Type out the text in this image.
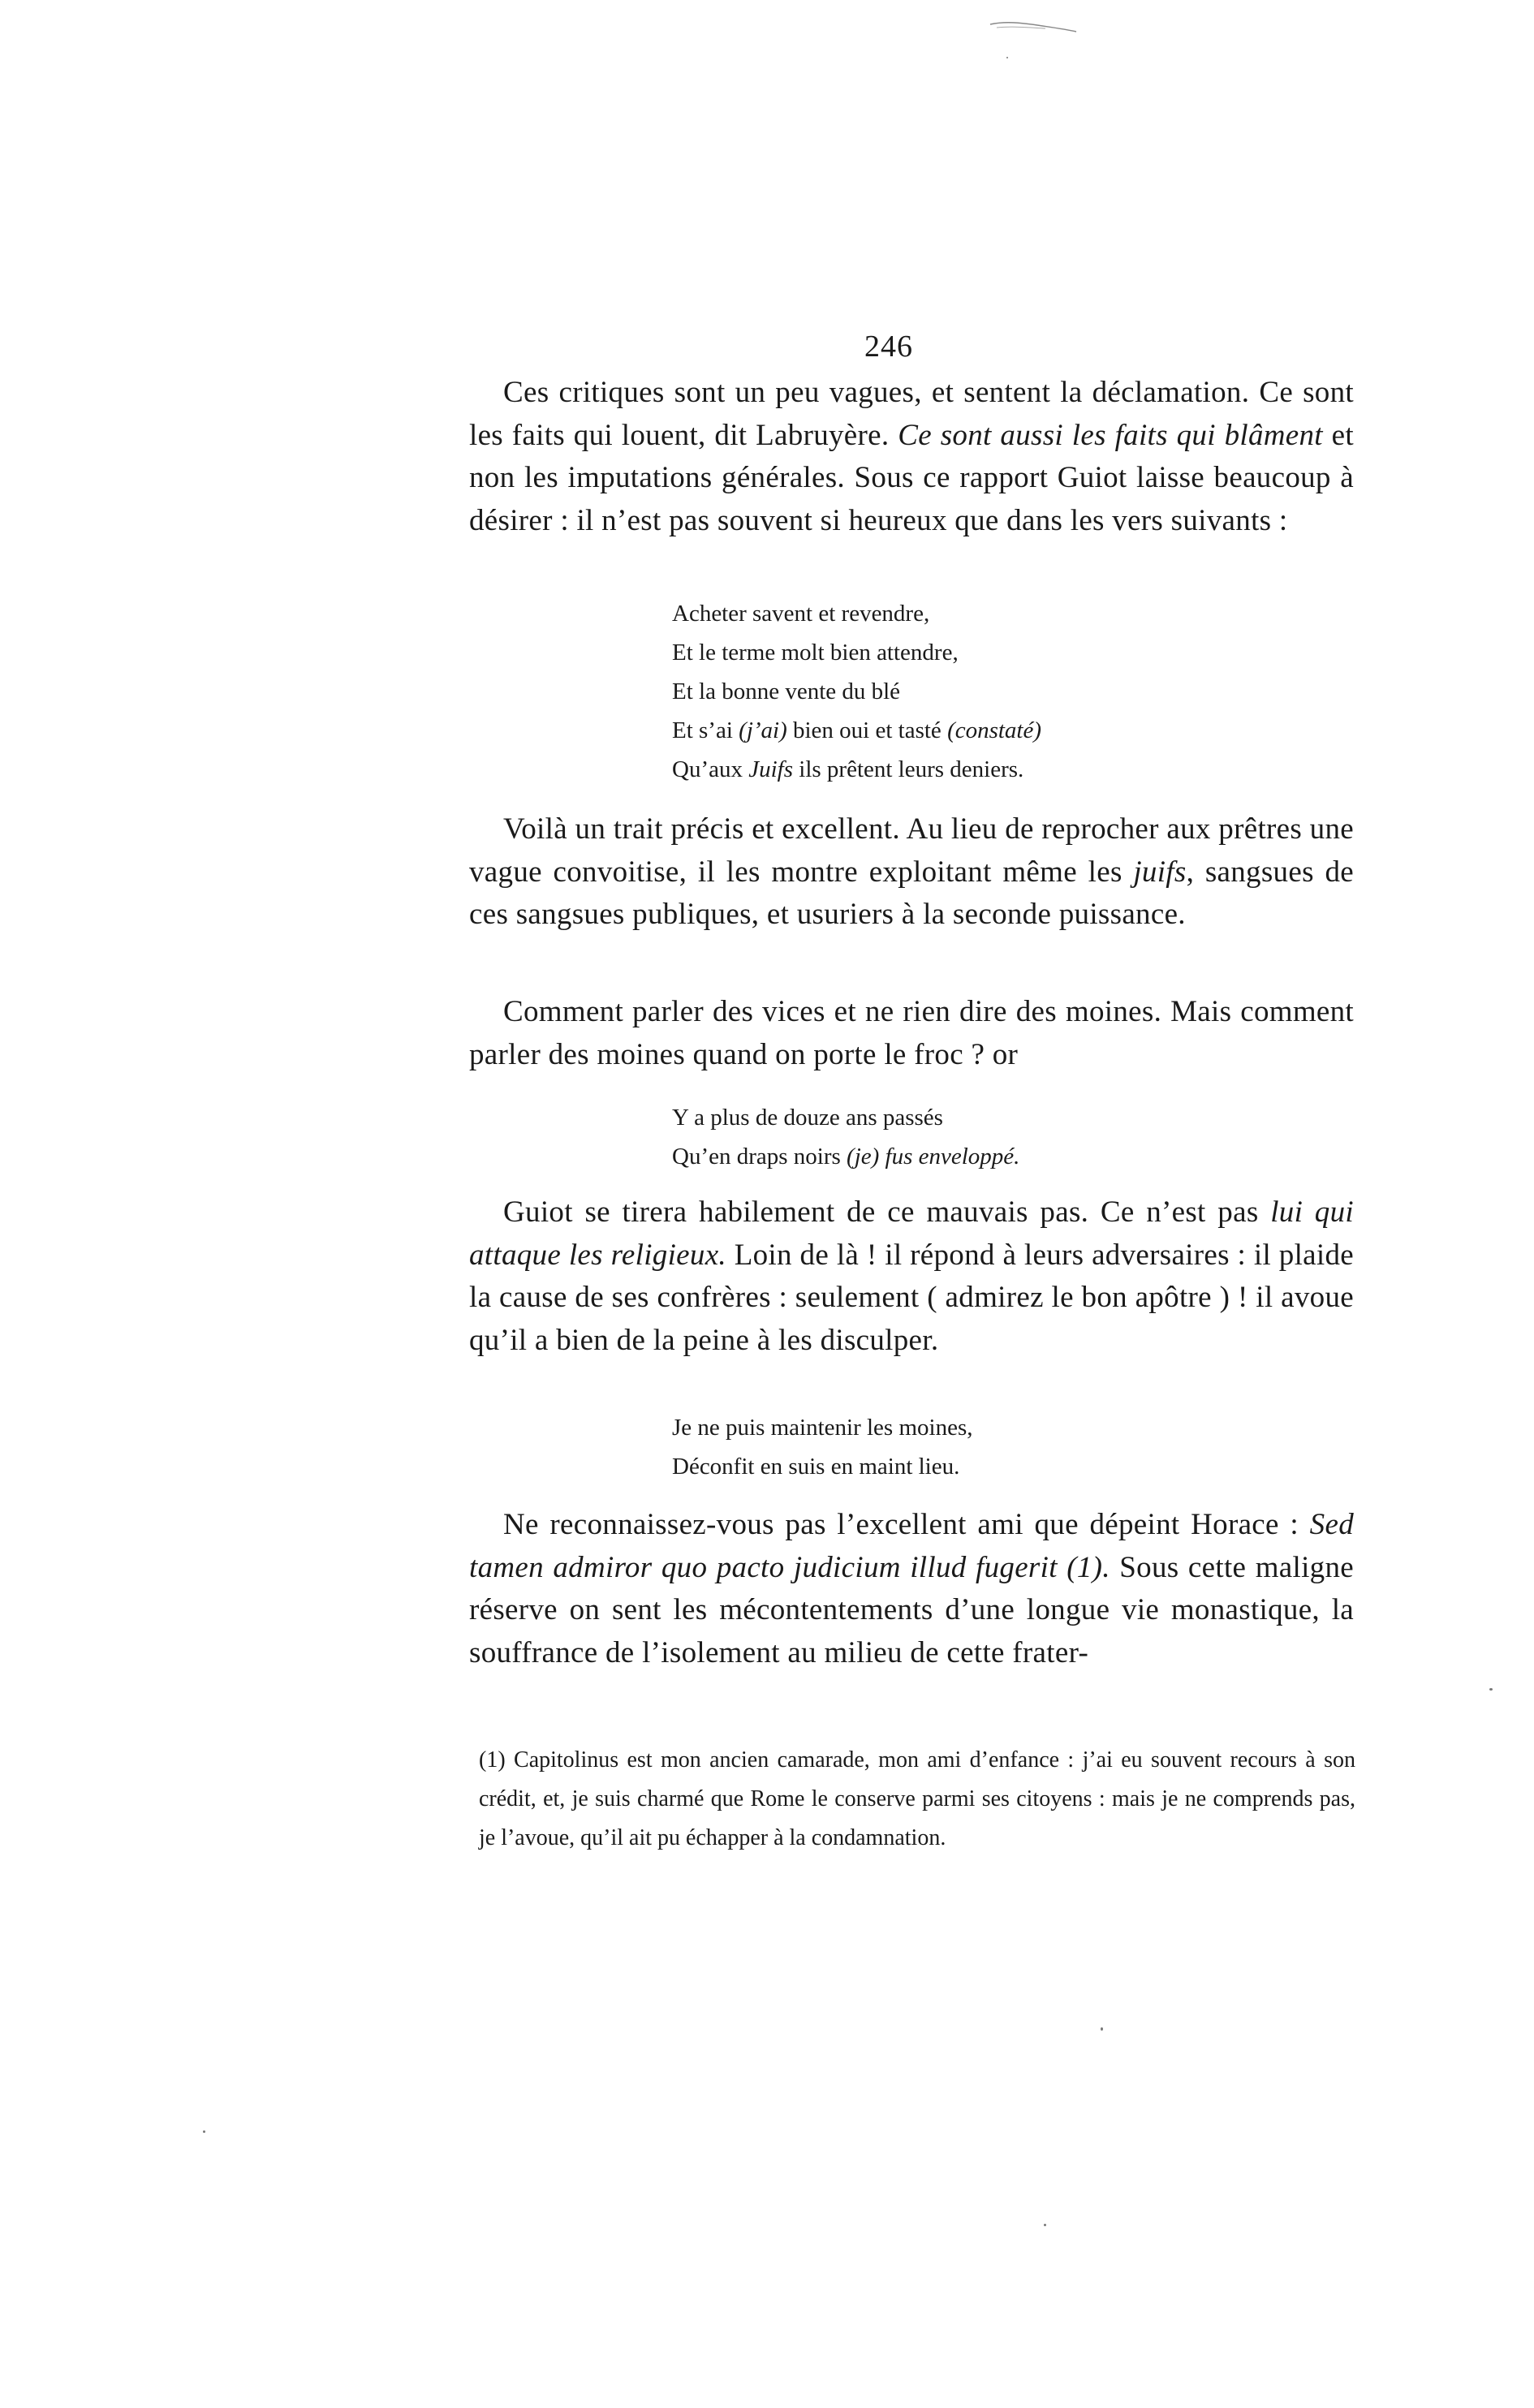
246

Ces critiques sont un peu vagues, et sentent la déclamation. Ce sont les faits qui louent, dit Labruyère. Ce sont aussi les faits qui blâment et non les imputations générales. Sous ce rapport Guiot laisse beaucoup à désirer : il n’est pas souvent si heureux que dans les vers suivants :

Acheter savent et revendre,
Et le terme molt bien attendre,
Et la bonne vente du blé
Et s’ai (j’ai) bien oui et tasté (constaté)
Qu’aux Juifs ils prêtent leurs deniers.

Voilà un trait précis et excellent. Au lieu de reprocher aux prêtres une vague convoitise, il les montre exploitant même les juifs, sangsues de ces sangsues publiques, et usuriers à la seconde puissance.

Comment parler des vices et ne rien dire des moines. Mais comment parler des moines quand on porte le froc ? or

Y a plus de douze ans passés
Qu’en draps noirs (je) fus enveloppé.

Guiot se tirera habilement de ce mauvais pas. Ce n’est pas lui qui attaque les religieux. Loin de là ! il répond à leurs adversaires : il plaide la cause de ses confrères : seulement ( admirez le bon apôtre ) ! il avoue qu’il a bien de la peine à les disculper.

Je ne puis maintenir les moines,
Déconfit en suis en maint lieu.

Ne reconnaissez-vous pas l’excellent ami que dépeint Horace : Sed tamen admiror quo pacto judicium illud fugerit (1). Sous cette maligne réserve on sent les mécontentements d’une longue vie monastique, la souffrance de l’isolement au milieu de cette frater-

(1) Capitolinus est mon ancien camarade, mon ami d’enfance : j’ai eu souvent recours à son crédit, et, je suis charmé que Rome le conserve parmi ses citoyens : mais je ne comprends pas, je l’avoue, qu’il ait pu échapper à la condamnation.
